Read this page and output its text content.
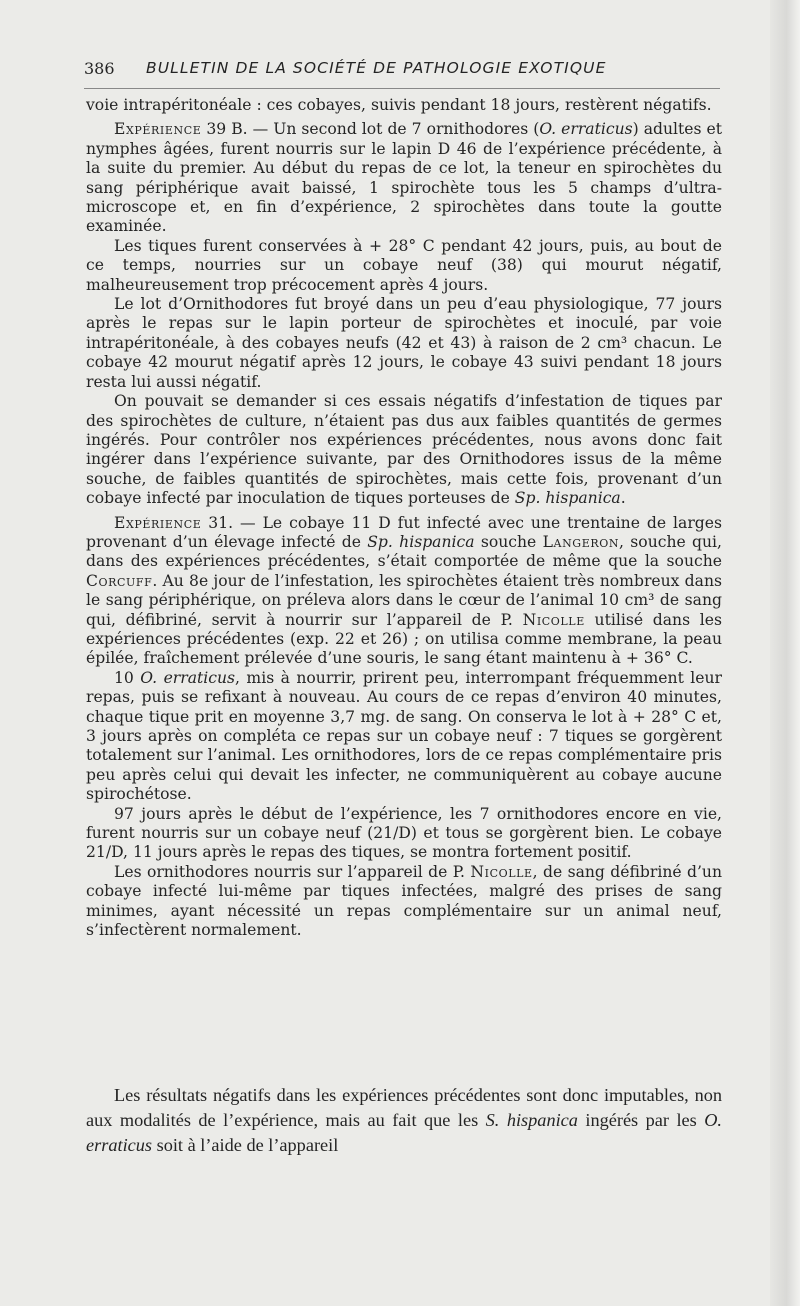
386 BULLETIN DE LA SOCIÉTÉ DE PATHOLOGIE EXOTIQUE

voie intrapéritonéale : ces cobayes, suivis pendant 18 jours, restèrent négatifs.

Expérience 39 B. — Un second lot de 7 ornithodores (O. erraticus) adultes et nymphes âgées, furent nourris sur le lapin D 46 de l’expérience précédente, à la suite du premier. Au début du repas de ce lot, la teneur en spirochètes du sang périphérique avait baissé, 1 spirochète tous les 5 champs d’ultra-microscope et, en fin d’expérience, 2 spirochètes dans toute la goutte examinée.

Les tiques furent conservées à + 28° C pendant 42 jours, puis, au bout de ce temps, nourries sur un cobaye neuf (38) qui mourut négatif, malheureusement trop précocement après 4 jours.

Le lot d’Ornithodores fut broyé dans un peu d’eau physiologique, 77 jours après le repas sur le lapin porteur de spirochètes et inoculé, par voie intrapéritonéale, à des cobayes neufs (42 et 43) à raison de 2 cm³ chacun. Le cobaye 42 mourut négatif après 12 jours, le cobaye 43 suivi pendant 18 jours resta lui aussi négatif.

On pouvait se demander si ces essais négatifs d’infestation de tiques par des spirochètes de culture, n’étaient pas dus aux faibles quantités de germes ingérés. Pour contrôler nos expériences précédentes, nous avons donc fait ingérer dans l’expérience suivante, par des Ornithodores issus de la même souche, de faibles quantités de spirochètes, mais cette fois, provenant d’un cobaye infecté par inoculation de tiques porteuses de Sp. hispanica.

Expérience 31. — Le cobaye 11 D fut infecté avec une trentaine de larges provenant d’un élevage infecté de Sp. hispanica souche Langeron, souche qui, dans des expériences précédentes, s’était comportée de même que la souche Corcuff. Au 8e jour de l’infestation, les spirochètes étaient très nombreux dans le sang périphérique, on préleva alors dans le cœur de l’animal 10 cm³ de sang qui, défibriné, servit à nourrir sur l’appareil de P. Nicolle utilisé dans les expériences précédentes (exp. 22 et 26) ; on utilisa comme membrane, la peau épilée, fraîchement prélevée d’une souris, le sang étant maintenu à + 36° C.

10 O. erraticus, mis à nourrir, prirent peu, interrompant fréquemment leur repas, puis se refixant à nouveau. Au cours de ce repas d’environ 40 minutes, chaque tique prit en moyenne 3,7 mg. de sang. On conserva le lot à + 28° C et, 3 jours après on compléta ce repas sur un cobaye neuf : 7 tiques se gorgèrent totalement sur l’animal. Les ornithodores, lors de ce repas complémentaire pris peu après celui qui devait les infecter, ne communiquèrent au cobaye aucune spirochétose.

97 jours après le début de l’expérience, les 7 ornithodores encore en vie, furent nourris sur un cobaye neuf (21/D) et tous se gorgèrent bien. Le cobaye 21/D, 11 jours après le repas des tiques, se montra fortement positif.

Les ornithodores nourris sur l’appareil de P. Nicolle, de sang défibriné d’un cobaye infecté lui-même par tiques infectées, malgré des prises de sang minimes, ayant nécessité un repas complémentaire sur un animal neuf, s’infectèrent normalement.

Les résultats négatifs dans les expériences précédentes sont donc imputables, non aux modalités de l’expérience, mais au fait que les S. hispanica ingérés par les O. erraticus soit à l’aide de l’appareil
